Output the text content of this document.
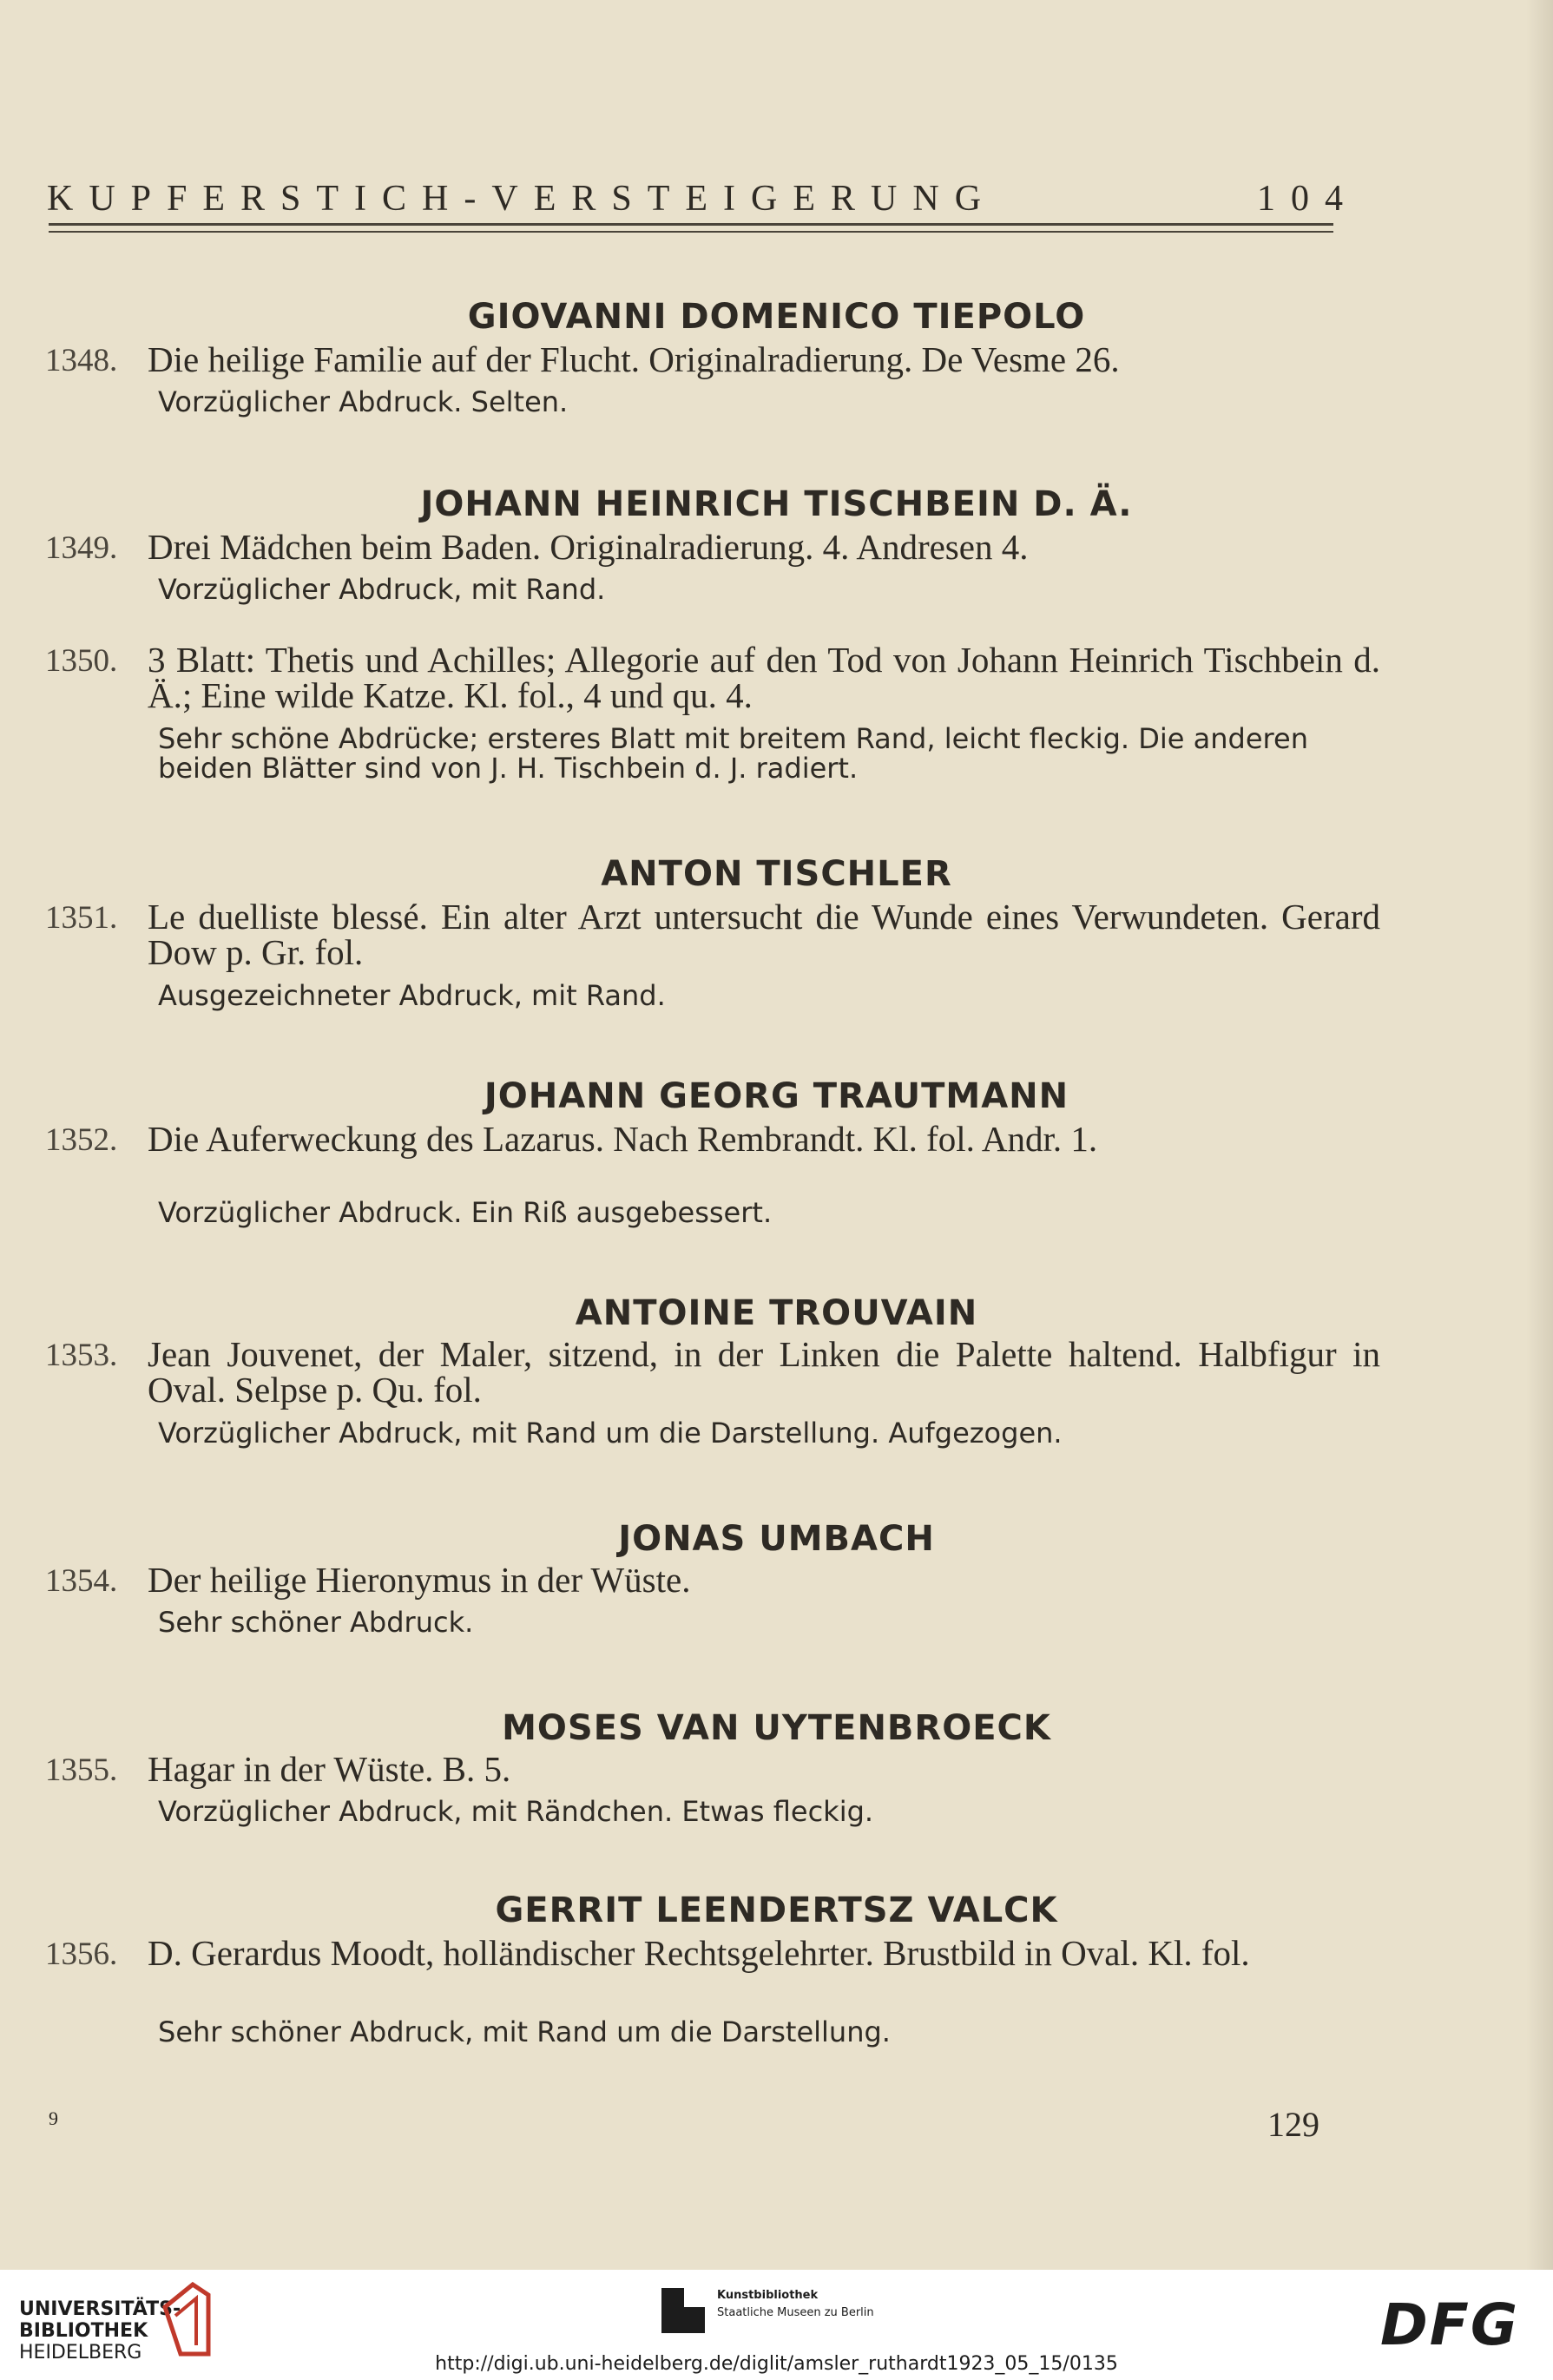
KUPFERSTICH-VERSTEIGERUNG	104
GIOVANNI DOMENICO TIEPOLO
1348. Die heilige Familie auf der Flucht. Originalradierung. De Vesme 26.
Vorzüglicher Abdruck. Selten.
JOHANN HEINRICH TISCHBEIN D. Ä.
1349. Drei Mädchen beim Baden. Originalradierung. 4. Andresen 4.
Vorzüglicher Abdruck, mit Rand.
1350. 3 Blatt: Thetis und Achilles; Allegorie auf den Tod von Johann Heinrich Tischbein d. Ä.; Eine wilde Katze. Kl. fol., 4 und qu. 4.
Sehr schöne Abdrücke; ersteres Blatt mit breitem Rand, leicht fleckig. Die anderen beiden Blätter sind von J. H. Tischbein d. J. radiert.
ANTON TISCHLER
1351. Le duelliste blessé. Ein alter Arzt untersucht die Wunde eines Verwundeten. Gerard Dow p. Gr. fol.
Ausgezeichneter Abdruck, mit Rand.
JOHANN GEORG TRAUTMANN
1352. Die Auferweckung des Lazarus. Nach Rembrandt. Kl. fol. Andr. 1.
Vorzüglicher Abdruck. Ein Riß ausgebessert.
ANTOINE TROUVAIN
1353. Jean Jouvenet, der Maler, sitzend, in der Linken die Palette haltend. Halbfigur in Oval. Selpse p. Qu. fol.
Vorzüglicher Abdruck, mit Rand um die Darstellung. Aufgezogen.
JONAS UMBACH
1354. Der heilige Hieronymus in der Wüste.
Sehr schöner Abdruck.
MOSES VAN UYTENBROECK
1355. Hagar in der Wüste. B. 5.
Vorzüglicher Abdruck, mit Rändchen. Etwas fleckig.
GERRIT LEENDERTSZ VALCK
1356. D. Gerardus Moodt, holländischer Rechtsgelehrter. Brustbild in Oval. Kl. fol.
Sehr schöner Abdruck, mit Rand um die Darstellung.
9	129
UNIVERSITÄTS-
BIBLIOTHEK
HEIDELBERG
Kunstbibliothek
Staatliche Museen zu Berlin	DFG
http://digi.ub.uni-heidelberg.de/diglit/amsler_ruthardt1923_05_15/0135
